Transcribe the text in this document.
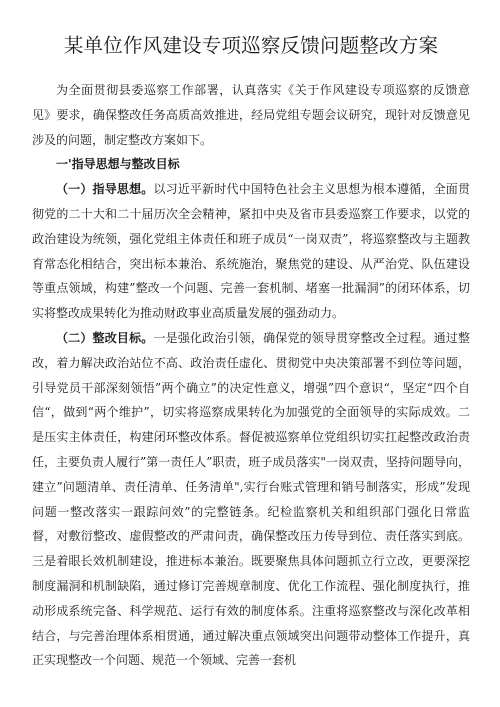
某单位作风建设专项巡察反馈问题整改方案

为全面贯彻县委巡察工作部署，认真落实《关于作风建设专项巡察的反馈意见》要求，确保整改任务高质高效推进，经局党组专题会议研究，现针对反馈意见涉及的问题，制定整改方案如下。

一'指导思想与整改目标

（一）指导思想。以习近平新时代中国特色社会主义思想为根本遵循，全面贯彻党的二十大和二十届历次全会精神，紧扣中央及省市县委巡察工作要求，以党的政治建设为统领，强化党组主体责任和班子成员“一岗双责”，将巡察整改与主题教育常态化相结合，突出标本兼治、系统施治，聚焦党的建设、从严治党、队伍建设等重点领域，构建”整改一个问题、完善一套机制、堵塞一批漏洞”的闭环体系，切实将整改成果转化为推动财政事业高质量发展的强劲动力。

（二）整改目标。一是强化政治引领，确保党的领导贯穿整改全过程。通过整改，着力解决政治站位不高、政治责任虚化、贯彻党中央决策部署不到位等问题，引导党员干部深刻领悟”两个确立”的决定性意义，增强”四个意识“，坚定“四个自信“，做到“两个维护”，切实将巡察成果转化为加强党的全面领导的实际成效。二是压实主体责任，构建闭环整改体系。督促被巡察单位党组织切实扛起整改政治责任，主要负责人履行”第一责任人”职责，班子成员落实"一岗双责，坚持问题导向，建立”问题清单、责任清单、任务清单",实行台账式管理和销号制落实，形成”发现问题一整改落实一跟踪问效”的完整链条。纪检监察机关和组织部门强化日常监督，对敷衍整改、虚假整改的严肃问责，确保整改压力传导到位、责任落实到底。三是着眼长效机制建设，推进标本兼治。既要聚焦具体问题抓立行立改，更要深挖制度漏洞和机制缺陷，通过修订完善规章制度、优化工作流程、强化制度执行，推动形成系统完备、科学规范、运行有效的制度体系。注重将巡察整改与深化改革相结合，与完善治理体系相贯通，通过解决重点领域突出问题带动整体工作提升，真正实现整改一个问题、规范一个领域、完善一套机
